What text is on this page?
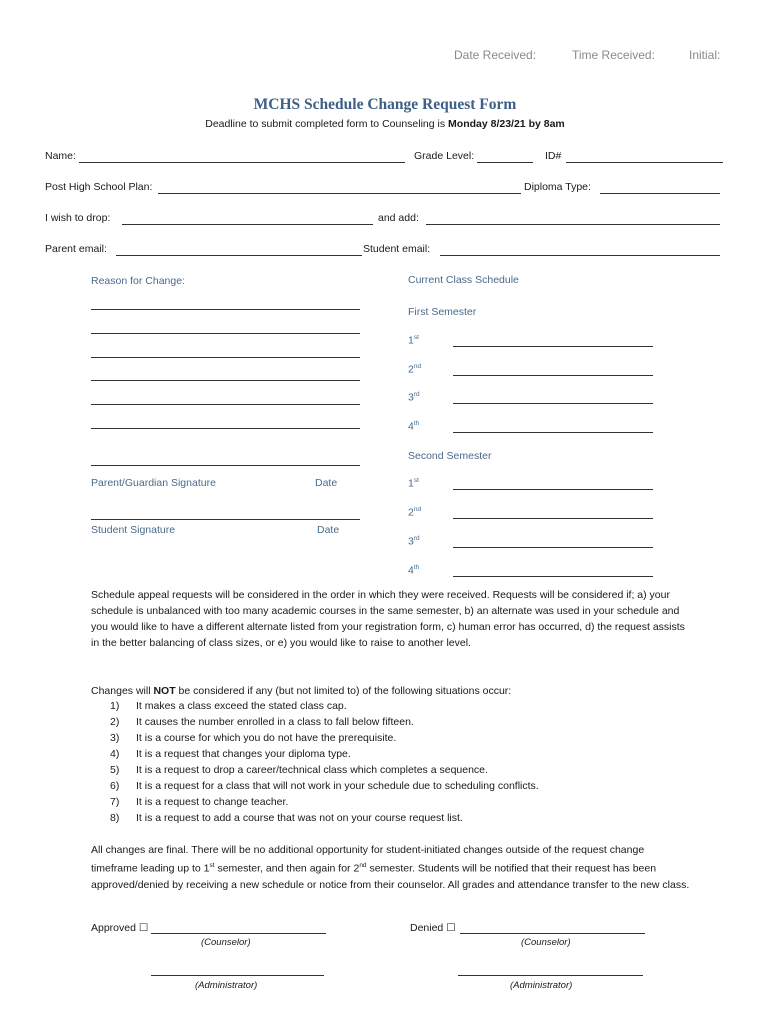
Date Received:	Time Received:	Initial:
MCHS Schedule Change Request Form
Deadline to submit completed form to Counseling is Monday 8/23/21 by 8am
Name:	Grade Level:	ID#
Post High School Plan:	Diploma Type:
I wish to drop:	and add:
Parent email:	Student email:
Reason for Change:
Parent/Guardian Signature	Date
Student Signature	Date
Current Class Schedule
First Semester
1st
2nd
3rd
4th
Second Semester
1st
2nd
3rd
4th
Schedule appeal requests will be considered in the order in which they were received. Requests will be considered if; a) your schedule is unbalanced with too many academic courses in the same semester, b) an alternate was used in your schedule and you would like to have a different alternate listed from your registration form, c) human error has occurred, d) the request assists in the better balancing of class sizes, or e) you would like to raise to another level.
Changes will NOT be considered if any (but not limited to) of the following situations occur:
1) It makes a class exceed the stated class cap.
2) It causes the number enrolled in a class to fall below fifteen.
3) It is a course for which you do not have the prerequisite.
4) It is a request that changes your diploma type.
5) It is a request to drop a career/technical class which completes a sequence.
6) It is a request for a class that will not work in your schedule due to scheduling conflicts.
7) It is a request to change teacher.
8) It is a request to add a course that was not on your course request list.
All changes are final. There will be no additional opportunity for student-initiated changes outside of the request change timeframe leading up to 1st semester, and then again for 2nd semester. Students will be notified that their request has been approved/denied by receiving a new schedule or notice from their counselor. All grades and attendance transfer to the new class.
Approved ☐
(Counselor)
Denied ☐
(Counselor)
(Administrator)	(Administrator)
